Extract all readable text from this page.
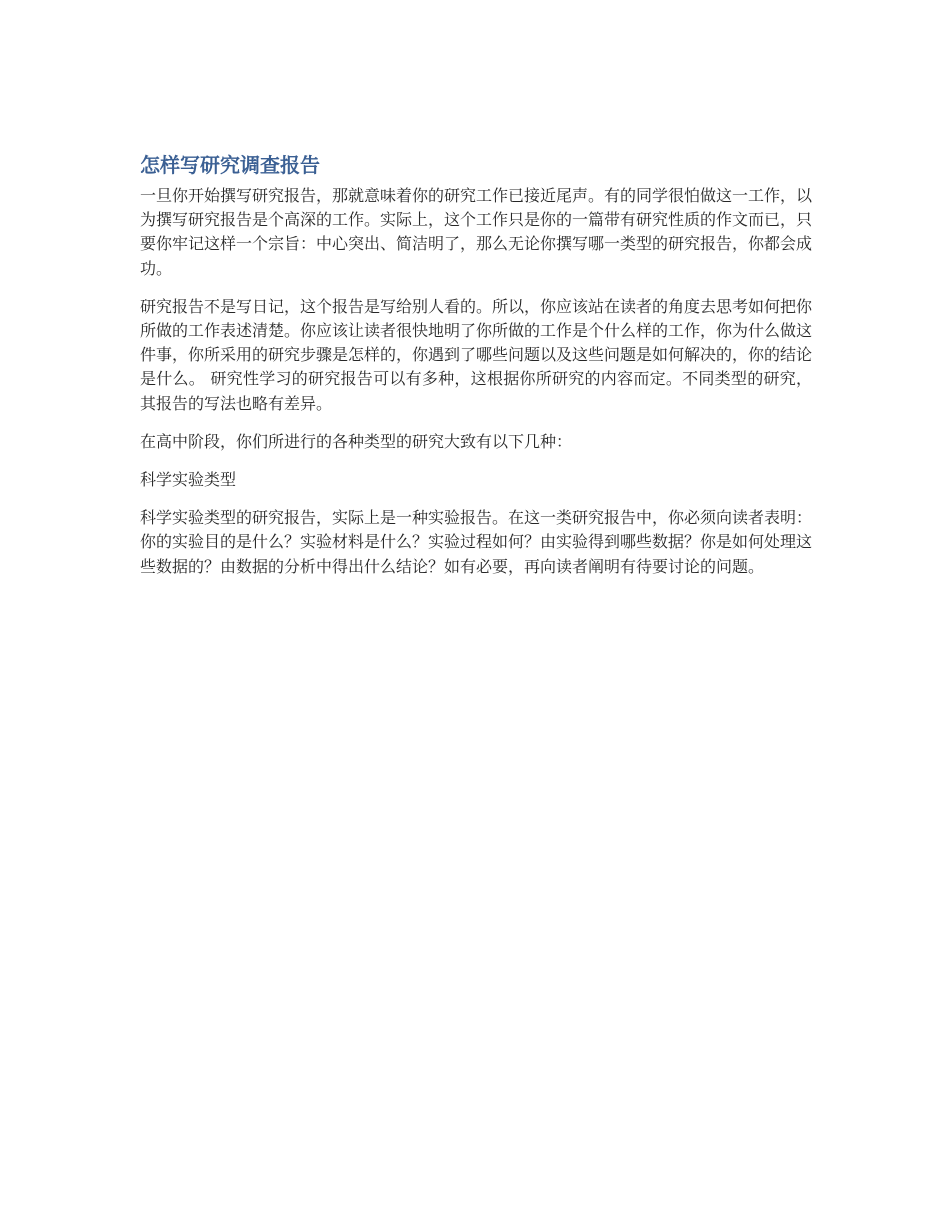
怎样写研究调查报告

一旦你开始撰写研究报告，那就意味着你的研究工作已接近尾声。有的同学很怕做这一工作，以为撰写研究报告是个高深的工作。实际上，这个工作只是你的一篇带有研究性质的作文而已，只要你牢记这样一个宗旨：中心突出、简洁明了，那么无论你撰写哪一类型的研究报告，你都会成功。

研究报告不是写日记，这个报告是写给别人看的。所以，你应该站在读者的角度去思考如何把你所做的工作表述清楚。你应该让读者很快地明了你所做的工作是个什么样的工作，你为什么做这件事，你所采用的研究步骤是怎样的，你遇到了哪些问题以及这些问题是如何解决的，你的结论是什么。 研究性学习的研究报告可以有多种，这根据你所研究的内容而定。不同类型的研究，其报告的写法也略有差异。

在高中阶段，你们所进行的各种类型的研究大致有以下几种：

科学实验类型

科学实验类型的研究报告，实际上是一种实验报告。在这一类研究报告中，你必须向读者表明：你的实验目的是什么？实验材料是什么？实验过程如何？由实验得到哪些数据？你是如何处理这些数据的？由数据的分析中得出什么结论？如有必要，再向读者阐明有待要讨论的问题。
